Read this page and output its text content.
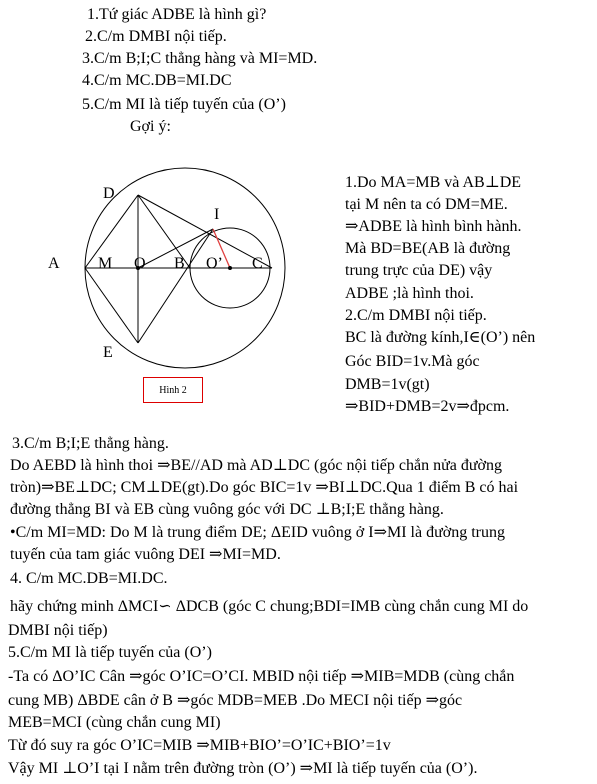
1.Tứ giác ADBE là hình gì?
2.C/m DMBI nội tiếp.
3.C/m B;I;C thẳng hàng và MI=MD.
4.C/m MC.DB=MI.DC
5.C/m MI là tiếp tuyến của (O’)
Gợi ý:
A M O B O’ C
D
E
I
Hình 2
1.Do MA=MB và AB⊥DE
tại M nên ta có DM=ME.
⇒ADBE là hình bình hành.
Mà BD=BE(AB là đường
trung trực của DE) vậy
ADBE ;là hình thoi.
2.C/m DMBI nội tiếp.
BC là đường kính,I∈(O’) nên
Góc BID=1v.Mà góc
DMB=1v(gt)
⇒BID+DMB=2v⇒đpcm.
3.C/m B;I;E thẳng hàng.
Do AEBD là hình thoi ⇒BE//AD mà AD⊥DC (góc nội tiếp chắn nửa đường
tròn)⇒BE⊥DC; CM⊥DE(gt).Do góc BIC=1v ⇒BI⊥DC.Qua 1 điểm B có hai
đường thẳng BI và EB cùng vuông góc với DC ⊥B;I;E thẳng hàng.
•C/m MI=MD: Do M là trung điểm DE; ΔEID vuông ở I⇒MI là đường trung
tuyến của tam giác vuông DEI ⇒MI=MD.
4. C/m MC.DB=MI.DC.
hãy chứng minh ΔMCI∽ ΔDCB (góc C chung;BDI=IMB cùng chắn cung MI do
DMBI nội tiếp)
5.C/m MI là tiếp tuyến của (O’)
-Ta có ΔO’IC Cân ⇒góc O’IC=O’CI. MBID nội tiếp ⇒MIB=MDB (cùng chắn
cung MB) ΔBDE cân ở B ⇒góc MDB=MEB .Do MECI nội tiếp ⇒góc
MEB=MCI (cùng chắn cung MI)
Từ đó suy ra góc O’IC=MIB ⇒MIB+BIO’=O’IC+BIO’=1v
Vậy MI ⊥O’I tại I nằm trên đường tròn (O’) ⇒MI là tiếp tuyến của (O’).
